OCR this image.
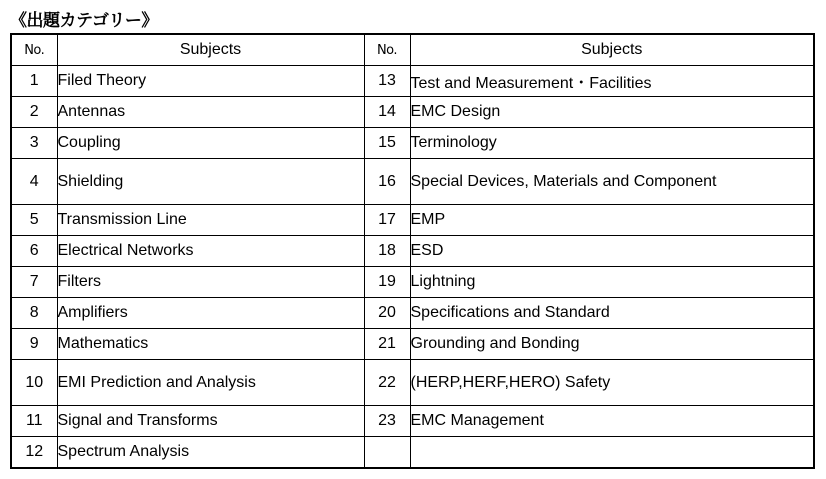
《出題カテゴリー》
No.	Subjects	No.	Subjects
1	Filed Theory	13	Test and Measurement・Facilities
2	Antennas	14	EMC Design
3	Coupling	15	Terminology
4	Shielding	16	Special Devices, Materials and Component
5	Transmission Line	17	EMP
6	Electrical Networks	18	ESD
7	Filters	19	Lightning
8	Amplifiers	20	Specifications and Standard
9	Mathematics	21	Grounding and Bonding
10	EMI Prediction and Analysis	22	(HERP,HERF,HERO) Safety
11	Signal and Transforms	23	EMC Management
12	Spectrum Analysis		
